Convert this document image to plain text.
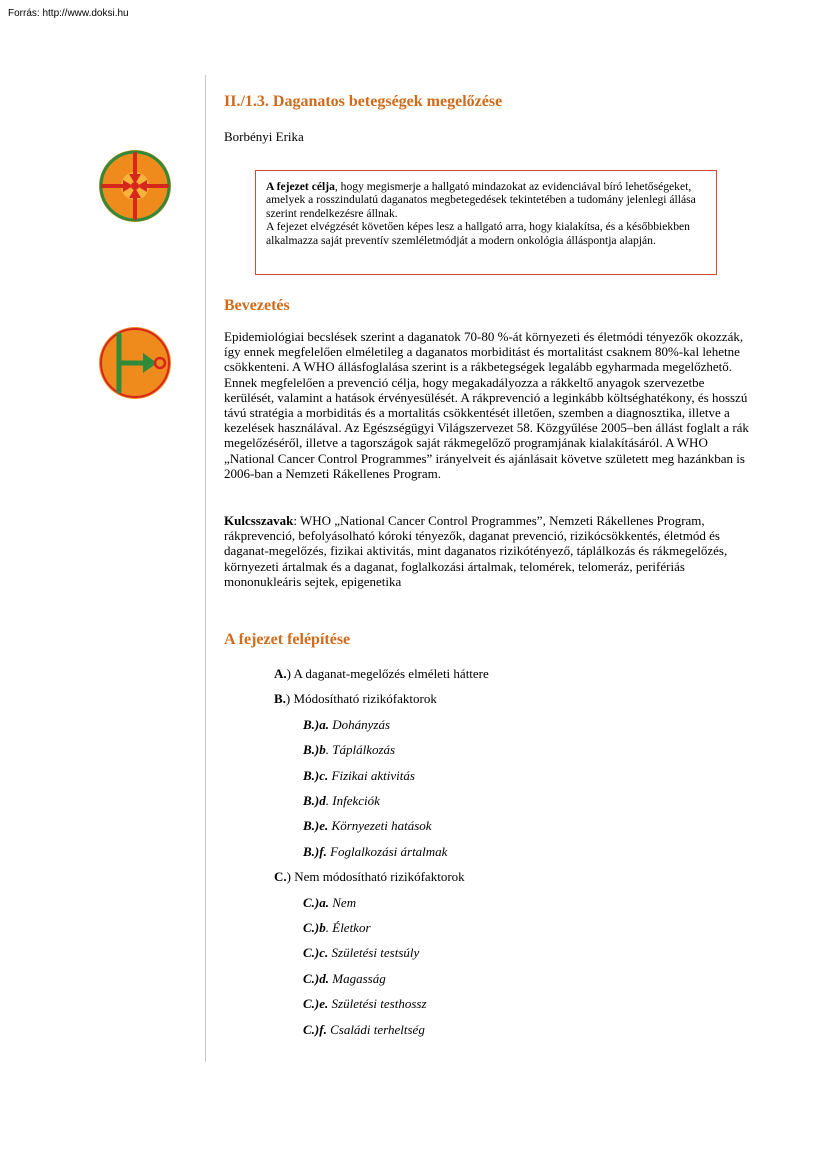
Forrás: http://www.doksi.hu
II./1.3. Daganatos betegségek megelőzése
Borbényi Erika
A fejezet célja, hogy megismerje a hallgató mindazokat az evidenciával bíró lehetőségeket, amelyek a rosszindulatú daganatos megbetegedések tekintetében a tudomány jelenlegi állása szerint rendelkezésre állnak.
A fejezet elvégzését követően képes lesz a hallgató arra, hogy kialakítsa, és a későbbiekben alkalmazza saját preventív szemléletmódját a modern onkológia álláspontja alapján.
Bevezetés

Epidemiológiai becslések szerint a daganatok 70-80 %-át környezeti és életmódi tényezők okozzák, így ennek megfelelően elméletileg a daganatos morbiditást és mortalitást csaknem 80%-kal lehetne csökkenteni. A WHO állásfoglalása szerint is a rákbetegségek legalább egyharmada megelőzhető. Ennek megfelelően a prevenció célja, hogy megakadályozza a rákkeltő anyagok szervezetbe kerülését, valamint a hatások érvényesülését. A rákprevenció a leginkább költséghatékony, és hosszú távú stratégia a morbiditás és a mortalitás csökkentését illetően, szemben a diagnosztika, illetve a kezelések használával. Az Egészségügyi Világszervezet 58. Közgyűlése 2005–ben állást foglalt a rák megelőzéséről, illetve a tagországok saját rákmegelőző programjának kialakításáról. A WHO „National Cancer Control Programmes” irányelveit és ajánlásait követve született meg hazánkban is 2006-ban a Nemzeti Rákellenes Program.

Kulcsszavak: WHO „National Cancer Control Programmes”, Nemzeti Rákellenes Program, rákprevenció, befolyásolható kóroki tényezők, daganat prevenció, rizikócsökkentés, életmód és daganat-megelőzés, fizikai aktivitás, mint daganatos rizikótényező, táplálkozás és rákmegelőzés, környezeti ártalmak és a daganat, foglalkozási ártalmak, telomérek, telomeráz, perifériás mononukleáris sejtek, epigenetika

A fejezet felépítése
A.) A daganat-megelőzés elméleti háttere
B.) Módosítható rizikófaktorok
B.)a. Dohányzás
B.)b. Táplálkozás
B.)c. Fizikai aktivitás
B.)d. Infekciók
B.)e. Környezeti hatások
B.)f. Foglalkozási ártalmak
C.) Nem módosítható rizikófaktorok
C.)a. Nem
C.)b. Életkor
C.)c. Születési testsúly
C.)d. Magasság
C.)e. Születési testhossz
C.)f. Családi terheltség
